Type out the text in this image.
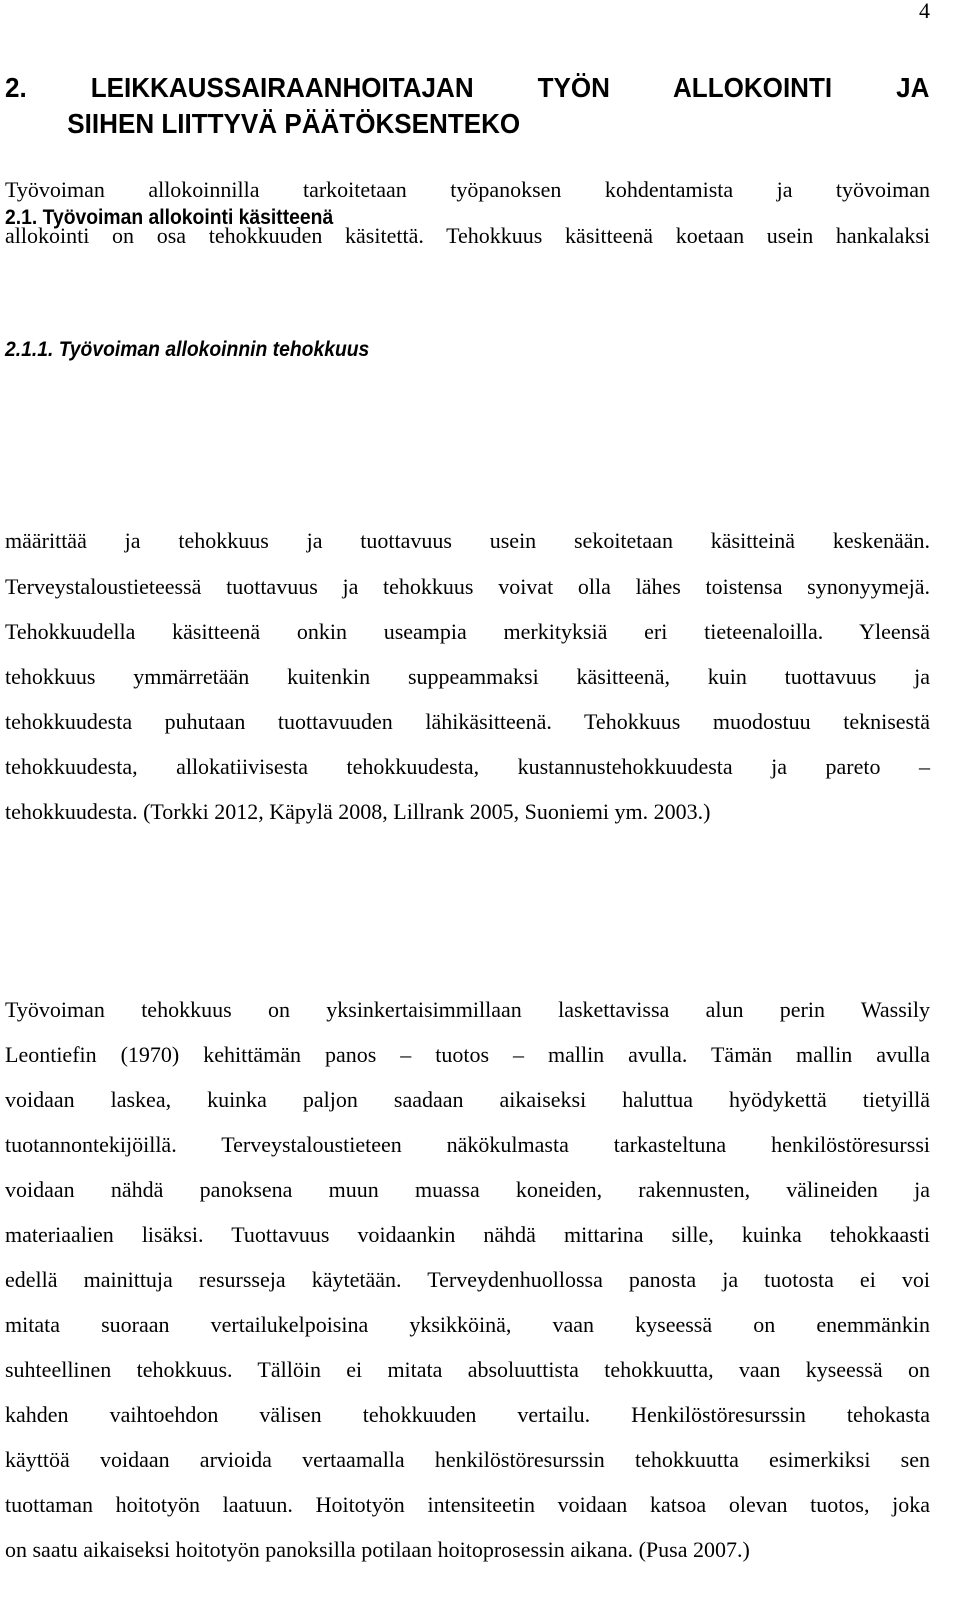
4
2. LEIKKAUSSAIRAANHOITAJAN TYÖN ALLOKOINTI JA
SIIHEN LIITTYVÄ PÄÄTÖKSENTEKO
2.1. Työvoiman allokointi käsitteenä
2.1.1. Työvoiman allokoinnin tehokkuus
Työvoiman allokoinnilla tarkoitetaan työpanoksen kohdentamista ja työvoiman
allokointi on osa tehokkuuden käsitettä. Tehokkuus käsitteenä koetaan usein hankalaksi
määrittää ja tehokkuus ja tuottavuus usein sekoitetaan käsitteinä keskenään.
Terveystaloustieteessä tuottavuus ja tehokkuus voivat olla lähes toistensa synonyymejä.
Tehokkuudella käsitteenä onkin useampia merkityksiä eri tieteenaloilla. Yleensä
tehokkuus ymmärretään kuitenkin suppeammaksi käsitteenä, kuin tuottavuus ja
tehokkuudesta puhutaan tuottavuuden lähikäsitteenä. Tehokkuus muodostuu teknisestä
tehokkuudesta, allokatiivisesta tehokkuudesta, kustannustehokkuudesta ja pareto –
tehokkuudesta. (Torkki 2012, Käpylä 2008, Lillrank 2005, Suoniemi ym. 2003.)
Työvoiman tehokkuus on yksinkertaisimmillaan laskettavissa alun perin Wassily
Leontiefin (1970) kehittämän panos – tuotos – mallin avulla. Tämän mallin avulla
voidaan laskea, kuinka paljon saadaan aikaiseksi haluttua hyödykettä tietyillä
tuotannontekijöillä. Terveystaloustieteen näkökulmasta tarkasteltuna henkilöstöresurssi
voidaan nähdä panoksena muun muassa koneiden, rakennusten, välineiden ja
materiaalien lisäksi. Tuottavuus voidaankin nähdä mittarina sille, kuinka tehokkaasti
edellä mainittuja resursseja käytetään. Terveydenhuollossa panosta ja tuotosta ei voi
mitata suoraan vertailukelpoisina yksikköinä, vaan kyseessä on enemmänkin
suhteellinen tehokkuus. Tällöin ei mitata absoluuttista tehokkuutta, vaan kyseessä on
kahden vaihtoehdon välisen tehokkuuden vertailu. Henkilöstöresurssin tehokasta
käyttöä voidaan arvioida vertaamalla henkilöstöresurssin tehokkuutta esimerkiksi sen
tuottaman hoitotyön laatuun. Hoitotyön intensiteetin voidaan katsoa olevan tuotos, joka
on saatu aikaiseksi hoitotyön panoksilla potilaan hoitoprosessin aikana. (Pusa 2007.)
